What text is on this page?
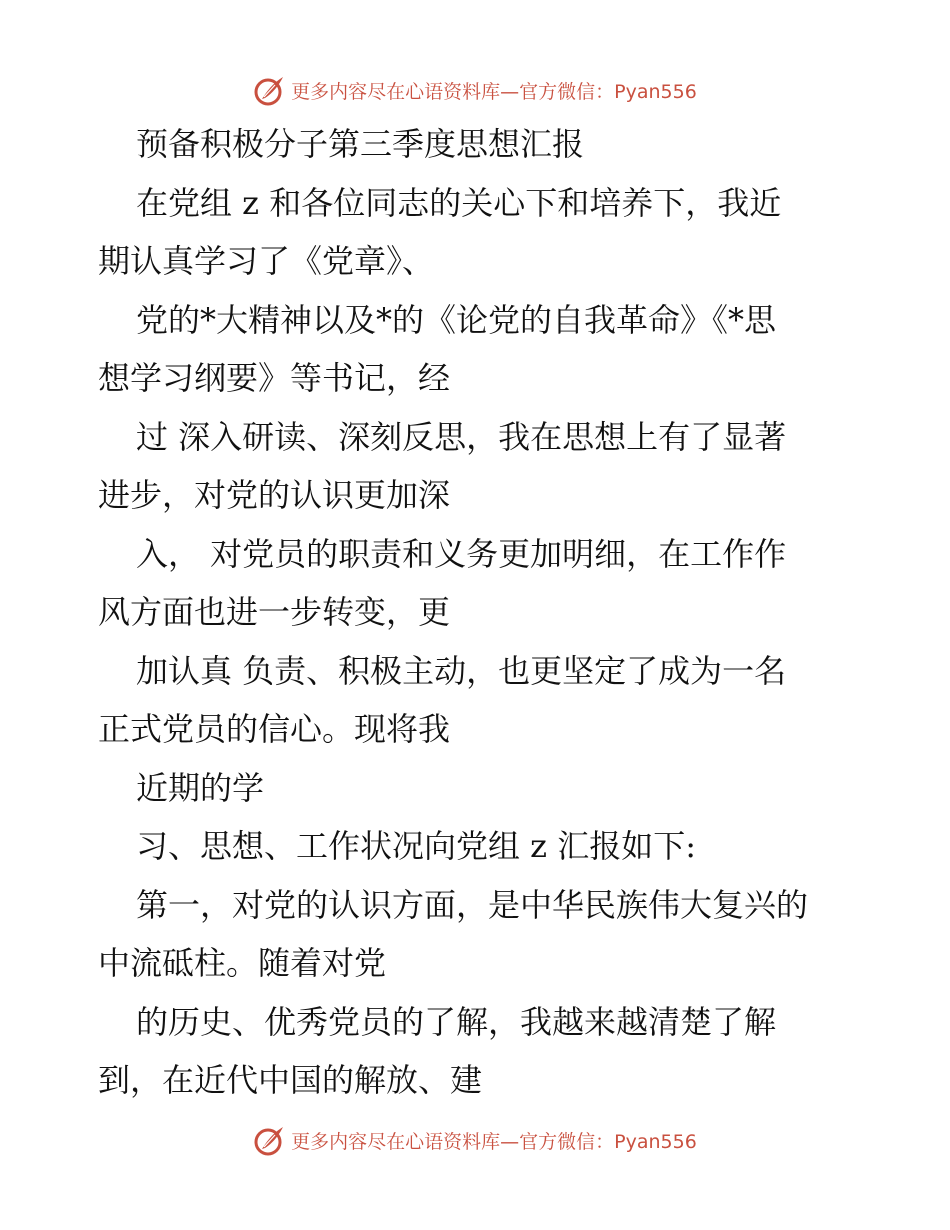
更多内容尽在心语资料库—官方微信：Pyan556

预备积极分子第三季度思想汇报

在党组 z 和各位同志的关心下和培养下，我近

期认真学习了《党章》、

党的*大精神以及*的《论党的自我革命》《*思

想学习纲要》等书记，经

过 深入研读、深刻反思，我在思想上有了显著

进步，对党的认识更加深

入， 对党员的职责和义务更加明细，在工作作

风方面也进一步转变，更

加认真 负责、积极主动，也更坚定了成为一名

正式党员的信心。现将我

近期的学

习、思想、工作状况向党组 z 汇报如下:

第一，对党的认识方面，是中华民族伟大复兴的

中流砥柱。随着对党

的历史、优秀党员的了解，我越来越清楚了解

到，在近代中国的解放、建

更多内容尽在心语资料库—官方微信：Pyan556
